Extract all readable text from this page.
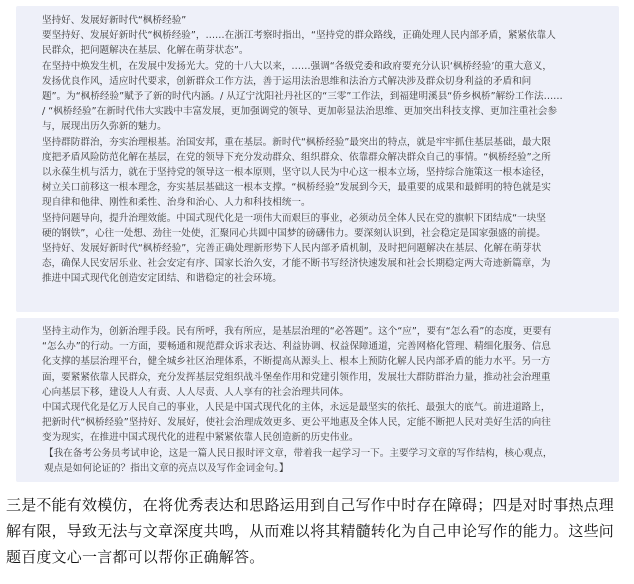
坚持好、发展好新时代“枫桥经验”
要坚持好、发展好新时代“枫桥经验”，……在浙江考察时指出，“坚持党的群众路线，正确处理人民内部矛盾，紧紧依靠人
民群众，把问题解决在基层、化解在萌芽状态”。
在坚持中焕发生机，在发展中发扬光大。党的十八大以来，……强调“各级党委和政府要充分认识‘枫桥经验’的重大意义，
发扬优良作风，适应时代要求，创新群众工作方法，善于运用法治思维和法治方式解决涉及群众切身利益的矛盾和问
题”。为“枫桥经验”赋予了新的时代内涵。/ 从辽宁沈阳社丹社区的“三零”工作法，到福建明溪县“侨乡枫桥”解纷工作法……
/ “枫桥经验”在新时代伟大实践中丰富发展，更加强调党的领导、更加彰显法治思维、更加突出科技支撑、更加注重社会参
与，展现出历久弥新的魅力。
坚持群防群治，夯实治理根基。治国安邦，重在基层。新时代“枫桥经验”最突出的特点，就是牢牢抓住基层基础，最大限
度把矛盾风险防范化解在基层，在党的领导下充分发动群众、组织群众、依靠群众解决群众自己的事情。“枫桥经验”之所
以永葆生机与活力，就在于坚持党的领导这一根本原则，坚守以人民为中心这一根本立场，坚持综合施策这一根本途径，
树立关口前移这一根本理念，夯实基层基础这一根本支撑。“枫桥经验”发展到今天，最重要的成果和最鲜明的特色就是实
现自律和他律、刚性和柔性、治身和治心、人力和科技相统一。
坚持问题导向，提升治理效能。中国式现代化是一项伟大而艰巨的事业，必须动员全体人民在党的旗帜下团结成“一块坚
硬的钢铁”，心往一处想、劲往一处使，汇聚同心共圆中国梦的磅礴伟力。要深刻认识到，社会稳定是国家强盛的前提。
坚持好、发展好新时代“枫桥经验”，完善正确处理新形势下人民内部矛盾机制，及时把问题解决在基层、化解在萌芽状
态，确保人民安居乐业、社会安定有序、国家长治久安，才能不断书写经济快速发展和社会长期稳定两大奇迹新篇章，为
推进中国式现代化创造安定团结、和谐稳定的社会环境。
坚持主动作为，创新治理手段。民有所呼，我有所应，是基层治理的“必答题”。这个“应”，要有“怎么看”的态度，更要有
“怎么办”的行动。一方面，要畅通和规范群众诉求表达、利益协调、权益保障通道，完善网格化管理、精细化服务、信息
化支撑的基层治理平台，健全城乡社区治理体系，不断提高从源头上、根本上预防化解人民内部矛盾的能力水平。另一方
面，要紧紧依靠人民群众，充分发挥基层党组织战斗堡垒作用和党建引领作用，发展壮大群防群治力量，推动社会治理重
心向基层下移，建设人人有责、人人尽责、人人享有的社会治理共同体。
中国式现代化是亿万人民自己的事业，人民是中国式现代化的主体，永远是最坚实的依托、最强大的底气。前进道路上，
把新时代“枫桥经验”坚持好、发展好，使社会治理成效更多、更公平地惠及全体人民，定能不断把人民对美好生活的向往
变为现实，在推进中国式现代化的进程中紧紧依靠人民创造新的历史伟业。
【我在备考公务员考试申论，这是一篇人民日报时评文章，带着我一起学习一下。主要学习文章的写作结构，核心观点，
观点是如何论证的？指出文章的亮点以及写作金词金句。】
三是不能有效模仿，在将优秀表达和思路运用到自己写作中时存在障碍；四是对时事热点理
解有限，导致无法与文章深度共鸣，从而难以将其精髓转化为自己申论写作的能力。这些问
题百度文心一言都可以帮你正确解答。
